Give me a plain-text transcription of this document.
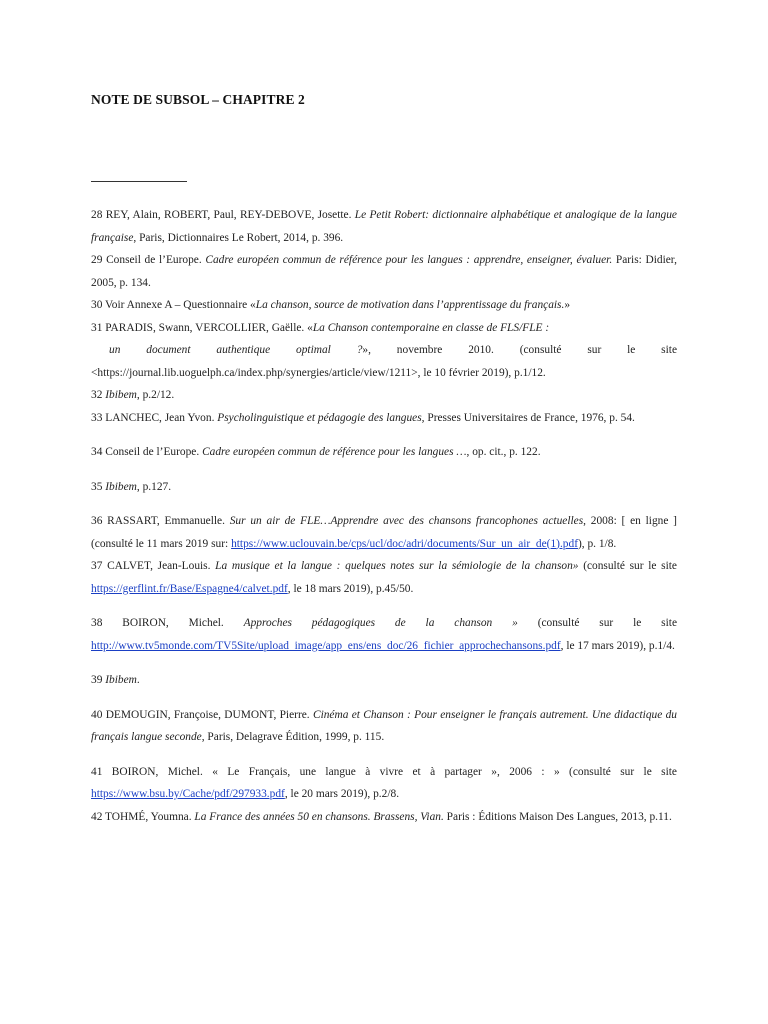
NOTE DE SUBSOL – CHAPITRE 2

28 REY, Alain, ROBERT, Paul, REY-DEBOVE, Josette. Le Petit Robert: dictionnaire alphabétique et analogique de la langue française, Paris, Dictionnaires Le Robert, 2014, p. 396.

29 Conseil de l’Europe. Cadre européen commun de référence pour les langues : apprendre, enseigner, évaluer. Paris: Didier, 2005, p. 134.

30 Voir Annexe A – Questionnaire «La chanson, source de motivation dans l’apprentissage du français.»

31 PARADIS, Swann, VERCOLLIER, Gaëlle. «La Chanson contemporaine en classe de FLS/FLE :

un document authentique optimal ?», novembre 2010. (consulté sur le site

<https://journal.lib.uoguelph.ca/index.php/synergies/article/view/1211>, le 10 février 2019), p.1/12.

32 Ibibem, p.2/12.

33 LANCHEC, Jean Yvon. Psycholinguistique et pédagogie des langues, Presses Universitaires de France, 1976, p. 54.

34 Conseil de l’Europe. Cadre européen commun de référence pour les langues …, op. cit., p. 122.

35 Ibibem, p.127.

36 RASSART, Emmanuelle. Sur un air de FLE…Apprendre avec des chansons francophones actuelles, 2008: [ en ligne ] (consulté le 11 mars 2019 sur: https://www.uclouvain.be/cps/ucl/doc/adri/documents/Sur_un_air_de(1).pdf), p. 1/8.

37 CALVET, Jean-Louis. La musique et la langue : quelques notes sur la sémiologie de la chanson» (consulté sur le site https://gerflint.fr/Base/Espagne4/calvet.pdf, le 18 mars 2019), p.45/50.

38 BOIRON, Michel. Approches pédagogiques de la chanson » (consulté sur le site http://www.tv5monde.com/TV5Site/upload_image/app_ens/ens_doc/26_fichier_approchechansons.pdf, le 17 mars 2019), p.1/4.

39 Ibibem.

40 DEMOUGIN, Françoise, DUMONT, Pierre. Cinéma et Chanson : Pour enseigner le français autrement. Une didactique du français langue seconde, Paris, Delagrave Édition, 1999, p. 115.

41 BOIRON, Michel. « Le Français, une langue à vivre et à partager », 2006 : » (consulté sur le site https://www.bsu.by/Cache/pdf/297933.pdf, le 20 mars 2019), p.2/8.

42 TOHMÉ, Youmna. La France des années 50 en chansons. Brassens, Vian. Paris : Éditions Maison Des Langues, 2013, p.11.
